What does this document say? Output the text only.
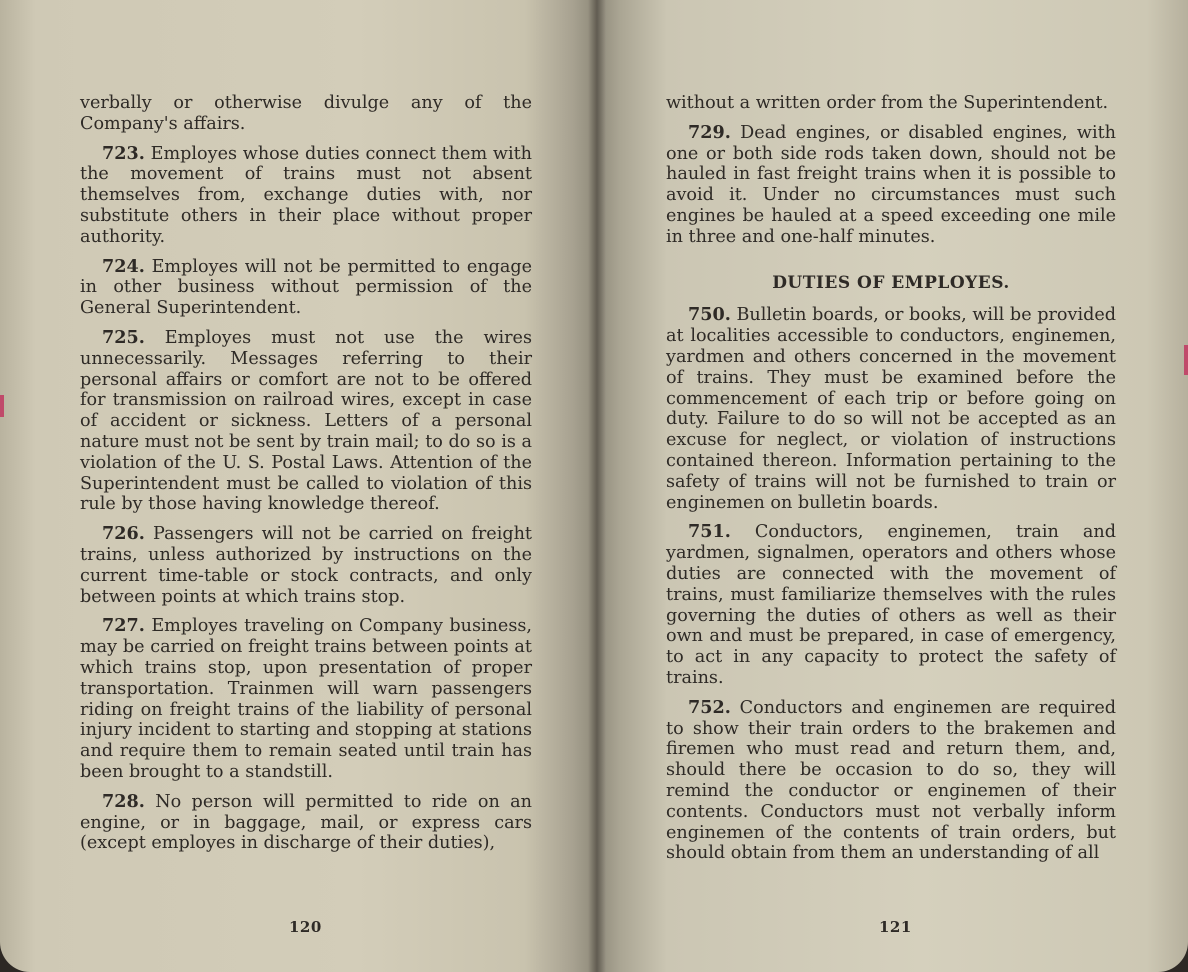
verbally or otherwise divulge any of the Company's affairs.

723. Employes whose duties connect them with the movement of trains must not absent themselves from, exchange duties with, nor substitute others in their place without proper authority.

724. Employes will not be permitted to engage in other business without permission of the General Superintendent.

725. Employes must not use the wires unnecessarily. Messages referring to their personal affairs or comfort are not to be offered for transmission on railroad wires, except in case of accident or sickness. Letters of a personal nature must not be sent by train mail; to do so is a violation of the U. S. Postal Laws. Attention of the Superintendent must be called to violation of this rule by those having knowledge thereof.

726. Passengers will not be carried on freight trains, unless authorized by instructions on the current time-table or stock contracts, and only between points at which trains stop.

727. Employes traveling on Company business, may be carried on freight trains between points at which trains stop, upon presentation of proper transportation. Trainmen will warn passengers riding on freight trains of the liability of personal injury incident to starting and stopping at stations and require them to remain seated until train has been brought to a standstill.

728. No person will permitted to ride on an engine, or in baggage, mail, or express cars (except employes in discharge of their duties),

120

without a written order from the Superintendent.

729. Dead engines, or disabled engines, with one or both side rods taken down, should not be hauled in fast freight trains when it is possible to avoid it. Under no circumstances must such engines be hauled at a speed exceeding one mile in three and one-half minutes.

DUTIES OF EMPLOYES.

750. Bulletin boards, or books, will be provided at localities accessible to conductors, enginemen, yardmen and others concerned in the movement of trains. They must be examined before the commencement of each trip or before going on duty. Failure to do so will not be accepted as an excuse for neglect, or violation of instructions contained thereon. Information pertaining to the safety of trains will not be furnished to train or enginemen on bulletin boards.

751. Conductors, enginemen, train and yardmen, signalmen, operators and others whose duties are connected with the movement of trains, must familiarize themselves with the rules governing the duties of others as well as their own and must be prepared, in case of emergency, to act in any capacity to protect the safety of trains.

752. Conductors and enginemen are required to show their train orders to the brakemen and firemen who must read and return them, and, should there be occasion to do so, they will remind the conductor or enginemen of their contents. Conductors must not verbally inform enginemen of the contents of train orders, but should obtain from them an understanding of all

121
